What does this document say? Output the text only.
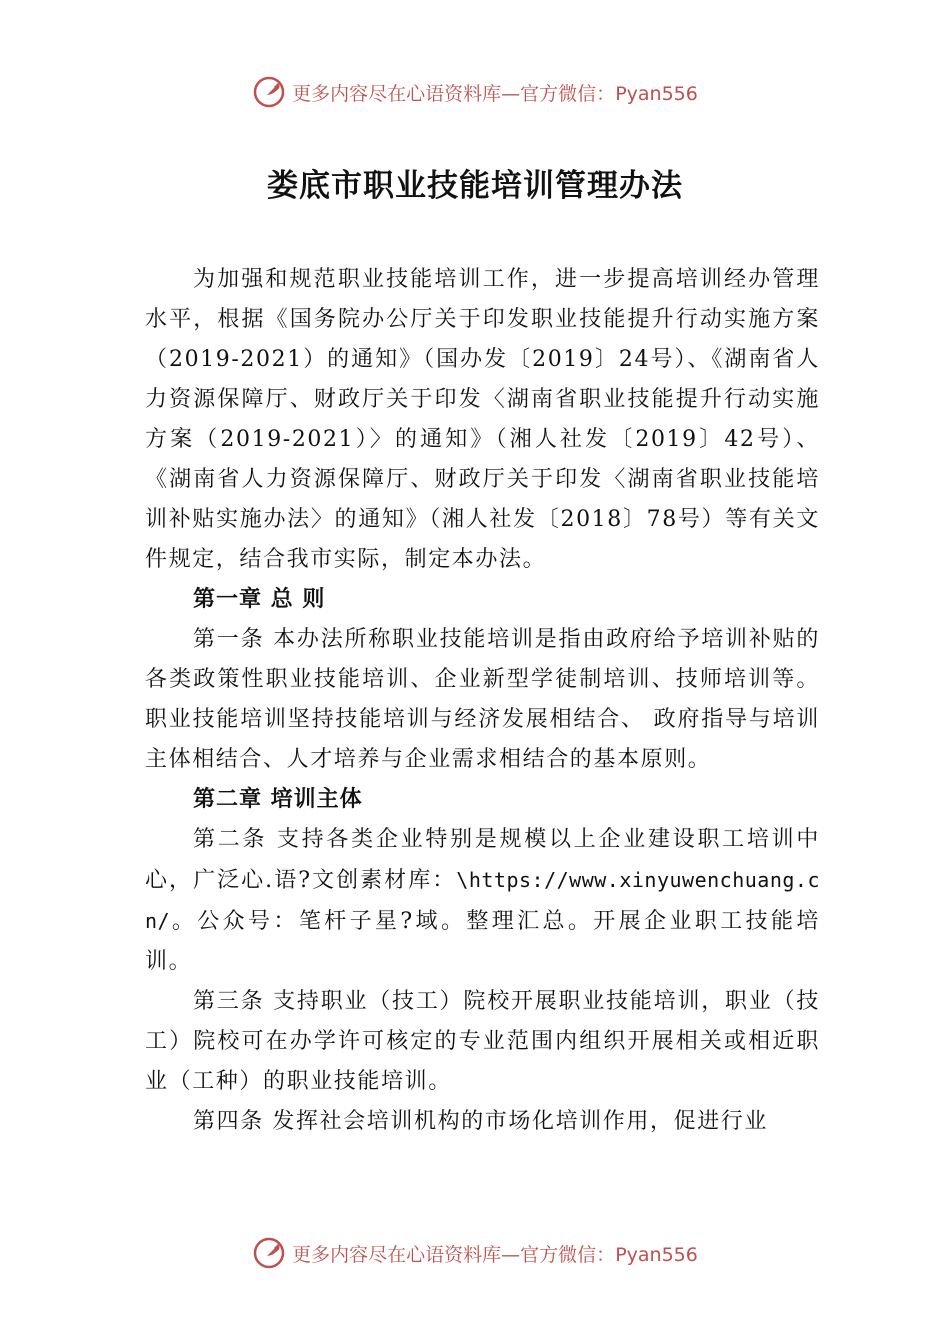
更多内容尽在心语资料库—官方微信：Pyan556
娄底市职业技能培训管理办法

为加强和规范职业技能培训工作，进一步提高培训经办管理水平，根据《国务院办公厅关于印发职业技能提升行动实施方案（2019-2021）的通知》（国办发〔2019〕24号）、《湖南省人力资源保障厅、财政厅关于印发〈湖南省职业技能提升行动实施方案（2019-2021）〉的通知》（湘人社发〔2019〕42号）、《湖南省人力资源保障厅、财政厅关于印发〈湖南省职业技能培训补贴实施办法〉的通知》（湘人社发〔2018〕78号）等有关文件规定，结合我市实际，制定本办法。

第一章 总 则

第一条 本办法所称职业技能培训是指由政府给予培训补贴的各类政策性职业技能培训、企业新型学徒制培训、技师培训等。职业技能培训坚持技能培训与经济发展相结合、 政府指导与培训主体相结合、人才培养与企业需求相结合的基本原则。

第二章 培训主体

第二条 支持各类企业特别是规模以上企业建设职工培训中心，广泛心.语?文创素材库：\https://www.xinyuwenchuang.cn/。公众号：笔杆子星?域。整理汇总。开展企业职工技能培训。

第三条 支持职业（技工）院校开展职业技能培训，职业（技工）院校可在办学许可核定的专业范围内组织开展相关或相近职业（工种）的职业技能培训。

第四条 发挥社会培训机构的市场化培训作用，促进行业

更多内容尽在心语资料库—官方微信：Pyan556
